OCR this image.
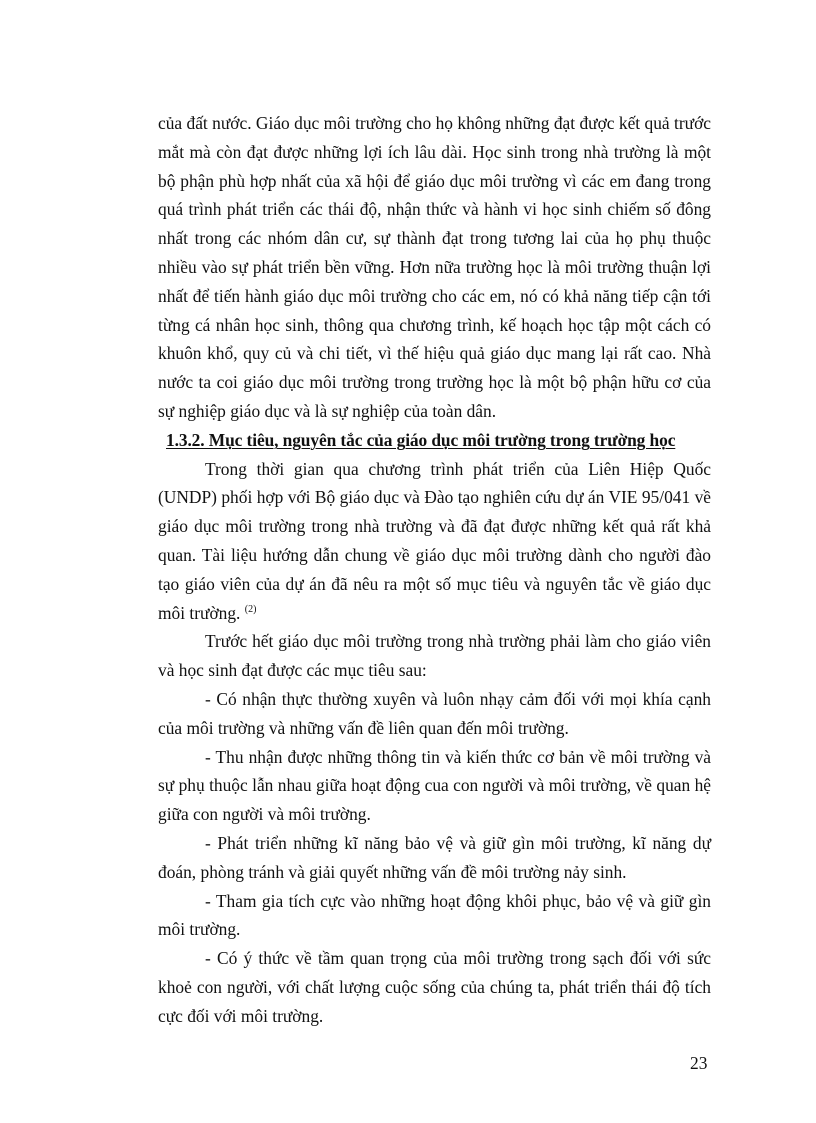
của đất nước. Giáo dục môi trường cho họ không những đạt được kết quả trước mắt mà còn đạt được những lợi ích lâu dài. Học sinh trong nhà trường là một bộ phận phù hợp nhất của xã hội để giáo dục môi trường vì các em đang trong quá trình phát triển các thái độ, nhận thức và hành vi học sinh chiếm số đông nhất trong các nhóm dân cư, sự thành đạt trong tương lai của họ phụ thuộc nhiều vào sự phát triển bền vững. Hơn nữa trường học là môi trường thuận lợi nhất để tiến hành giáo dục môi trường cho các em, nó có khả năng tiếp cận tới từng cá nhân học sinh, thông qua chương trình, kế hoạch học tập một cách có khuôn khổ, quy củ và chi tiết, vì thế hiệu quả giáo dục mang lại rất cao. Nhà nước ta coi giáo dục môi trường trong trường học là một bộ phận hữu cơ của sự nghiệp giáo dục và là sự nghiệp của toàn dân.

1.3.2. Mục tiêu, nguyên tắc của giáo dục môi trường trong trường học

Trong thời gian qua chương trình phát triển của Liên Hiệp Quốc (UNDP) phối hợp với Bộ giáo dục và Đào tạo nghiên cứu dự án VIE 95/041 về giáo dục môi trường trong nhà trường và đã đạt được những kết quả rất khả quan. Tài liệu hướng dẫn chung về giáo dục môi trường dành cho người đào tạo giáo viên của dự án đã nêu ra một số mục tiêu và nguyên tắc về giáo dục môi trường. $^{(2)}$

Trước hết giáo dục môi trường trong nhà trường phải làm cho giáo viên và học sinh đạt được các mục tiêu sau:

- Có nhận thực thường xuyên và luôn nhạy cảm đối với mọi khía cạnh của môi trường và những vấn đề liên quan đến môi trường.

- Thu nhận được những thông tin và kiến thức cơ bản về môi trường và sự phụ thuộc lẫn nhau giữa hoạt động cua con người và môi trường, về quan hệ giữa con người và môi trường.

- Phát triển những kĩ năng bảo vệ và giữ gìn môi trường, kĩ năng dự đoán, phòng tránh và giải quyết những vấn đề môi trường nảy sinh.

- Tham gia tích cực vào những hoạt động khôi phục, bảo vệ và giữ gìn môi trường.

- Có ý thức về tầm quan trọng của môi trường trong sạch đối với sức khoẻ con người, với chất lượng cuộc sống của chúng ta, phát triển thái độ tích cực đối với môi trường.

23
